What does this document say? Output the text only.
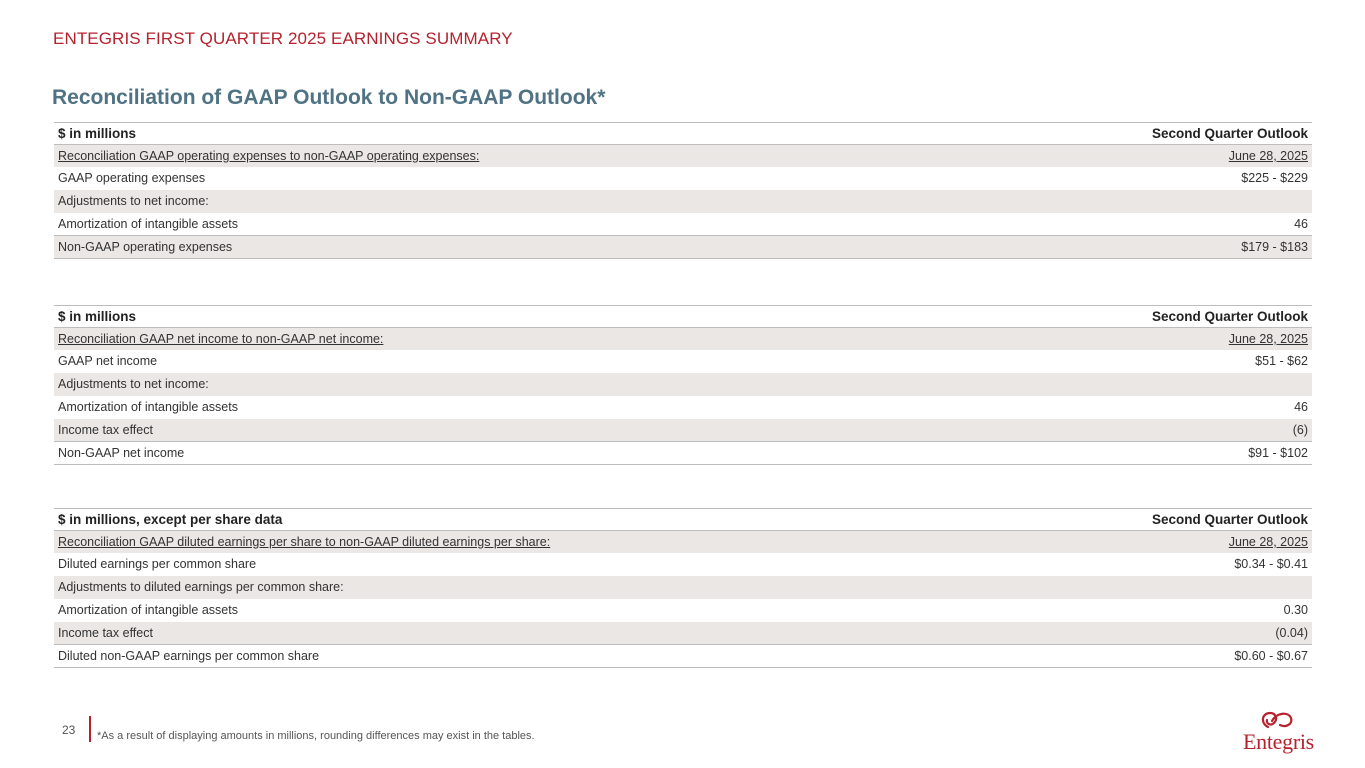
ENTEGRIS FIRST QUARTER 2025 EARNINGS SUMMARY
Reconciliation of GAAP Outlook to Non-GAAP Outlook*
$ in millions	Second Quarter Outlook
Reconciliation GAAP operating expenses to non-GAAP operating expenses:	June 28, 2025
GAAP operating expenses	$225 - $229
Adjustments to net income:	
Amortization of intangible assets	46
Non-GAAP operating expenses	$179 - $183
$ in millions	Second Quarter Outlook
Reconciliation GAAP net income to non-GAAP net income:	June 28, 2025
GAAP net income	$51 - $62
Adjustments to net income:	
Amortization of intangible assets	46
Income tax effect	(6)
Non-GAAP net income	$91 - $102
$ in millions, except per share data	Second Quarter Outlook
Reconciliation GAAP diluted earnings per share to non-GAAP diluted earnings per share:	June 28, 2025
Diluted earnings per common share	$0.34 - $0.41
Adjustments to diluted earnings per common share:	
Amortization of intangible assets	0.30
Income tax effect	(0.04)
Diluted non-GAAP earnings per common share	$0.60 - $0.67
23 *As a result of displaying amounts in millions, rounding differences may exist in the tables.	Entegris
